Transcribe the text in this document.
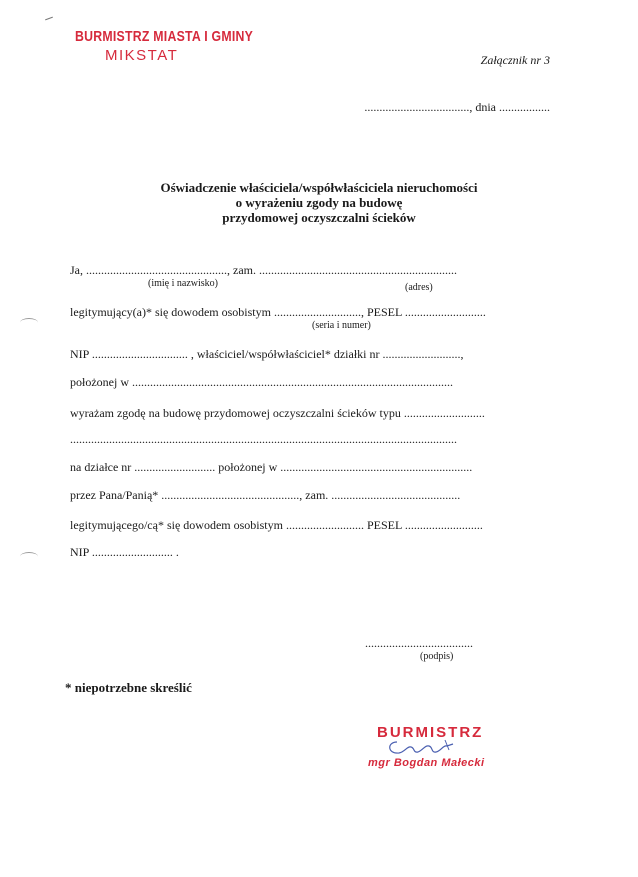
BURMISTRZ MIASTA I GMINY
MIKSTAT	Załącznik nr 3
..................................., dnia .................
Oświadczenie właściciela/współwłaściciela nieruchomości
o wyrażeniu zgody na budowę
przydomowej oczyszczalni ścieków
Ja, ..............................................., zam. ..................................................................
(imię i nazwisko)	(adres)
legitymujący(a)* się dowodem osobistym ............................., PESEL ...........................
(seria i numer)
NIP ................................ , właściciel/współwłaściciel* działki nr ..........................,
położonej w ...........................................................................................................
wyrażam zgodę na budowę przydomowej oczyszczalni ścieków typu ...........................
.................................................................................................................................
na działce nr ........................... położonej w ................................................................
przez Pana/Panią* .............................................., zam. ...........................................
legitymującego/cą* się dowodem osobistym .......................... PESEL ..........................
NIP ........................... .
....................................
(podpis)
* niepotrzebne skreślić
BURMISTRZ
mgr Bogdan Małecki
